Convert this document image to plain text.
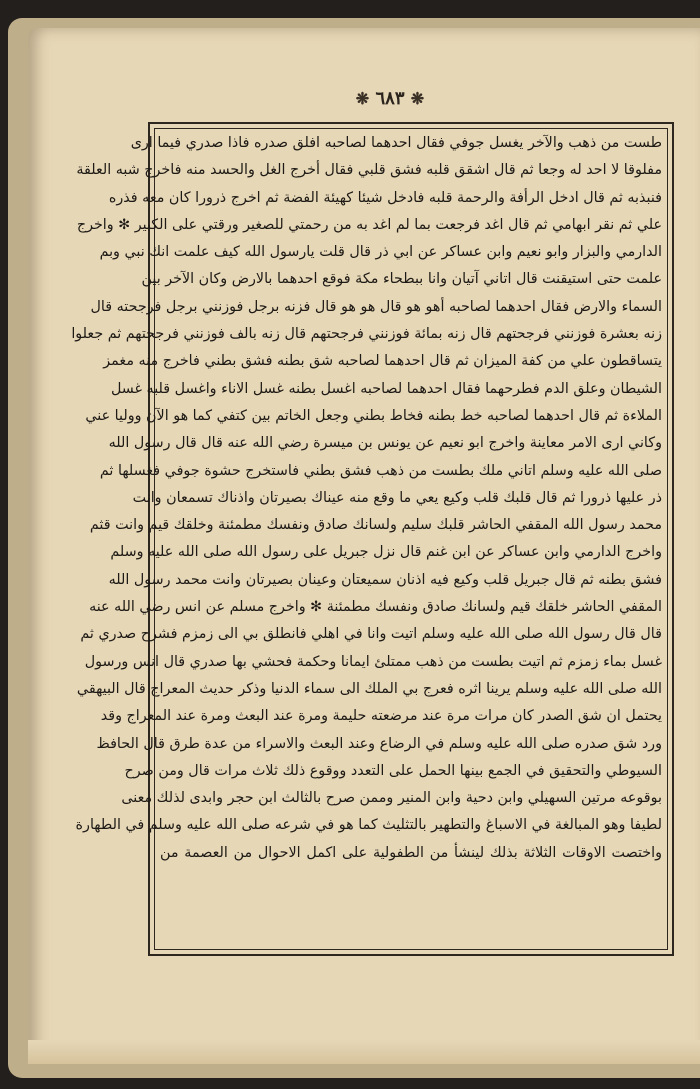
❋ ٦٨٣ ❋
طست من ذهب والآخر يغسل جوفي فقال احدهما لصاحبه افلق صدره فاذا صدري فيما ارى
مفلوقا لا احد له وجعا ثم قال اشقق قلبه فشق قلبي فقال أخرج الغل والحسد منه فاخرج شبه العلقة
فنبذبه ثم قال ادخل الرأفة والرحمة قلبه فادخل شيئا كهيئة الفضة ثم اخرج ذرورا كان معه فذره
علي ثم نقر ابهامي ثم قال اغد فرجعت بما لم اغد به من رحمتي للصغير ورقتي على الكبير ✻ واخرج
الدارمي والبزار وابو نعيم وابن عساكر عن ابي ذر قال قلت يارسول الله كيف علمت انك نبي وبم
علمت حتى استيقنت قال اتاني آتيان وانا ببطحاء مكة فوقع احدهما بالارض وكان الآخر بين
السماء والارض فقال احدهما لصاحبه أهو هو قال هو هو قال فزنه برجل فوزنني برجل فرجحته قال
زنه بعشرة فوزنني فرجحتهم قال زنه بمائة فوزنني فرجحتهم قال زنه بالف فوزنني فرجحتهم ثم جعلوا
يتساقطون علي من كفة الميزان ثم قال احدهما لصاحبه شق بطنه فشق بطني فاخرج منه مغمز
الشيطان وعلق الدم فطرحهما فقال احدهما لصاحبه اغسل بطنه غسل الاناء واغسل قلبه غسل
الملاءة ثم قال احدهما لصاحبه خط بطنه فخاط بطني وجعل الخاتم بين كتفي كما هو الآن ووليا عني
وكاني ارى الامر معاينة واخرج ابو نعيم عن يونس بن ميسرة رضي الله عنه قال قال رسول الله
صلى الله عليه وسلم اتاني ملك بطست من ذهب فشق بطني فاستخرج حشوة جوفي فغسلها ثم
ذر عليها ذرورا ثم قال قلبك قلب وكيع يعي ما وقع منه عيناك بصيرتان واذناك تسمعان وانت
محمد رسول الله المقفي الحاشر قلبك سليم ولسانك صادق ونفسك مطمئنة وخلقك قيم وانت قثم
واخرج الدارمي وابن عساكر عن ابن غنم قال نزل جبريل على رسول الله صلى الله عليه وسلم
فشق بطنه ثم قال جبريل قلب وكيع فيه اذنان سميعتان وعينان بصيرتان وانت محمد رسول الله
المقفي الحاشر خلقك قيم ولسانك صادق ونفسك مطمئنة ✻ واخرج مسلم عن انس رضي الله عنه
قال قال رسول الله صلى الله عليه وسلم اتيت وانا في اهلي فانطلق بي الى زمزم فشرح صدري ثم
غسل بماء زمزم ثم اتيت بطست من ذهب ممتلئ ايمانا وحكمة فحشي بها صدري قال انس ورسول
الله صلى الله عليه وسلم يرينا اثره فعرج بي الملك الى سماء الدنيا وذكر حديث المعراج قال البيهقي
يحتمل ان شق الصدر كان مرات مرة عند مرضعته حليمة ومرة عند البعث ومرة عند المعراج وقد
ورد شق صدره صلى الله عليه وسلم في الرضاع وعند البعث والاسراء من عدة طرق قال الحافظ
السيوطي والتحقيق في الجمع بينها الحمل على التعدد ووقوع ذلك ثلاث مرات قال ومن صرح
بوقوعه مرتين السهيلي وابن دحية وابن المنير وممن صرح بالثالث ابن حجر وابدى لذلك معنى
لطيفا وهو المبالغة في الاسباغ والتطهير بالتثليث كما هو في شرعه صلى الله عليه وسلم في الطهارة
واختصت الاوقات الثلاثة بذلك لينشأ من الطفولية على اكمل الاحوال من العصمة من
